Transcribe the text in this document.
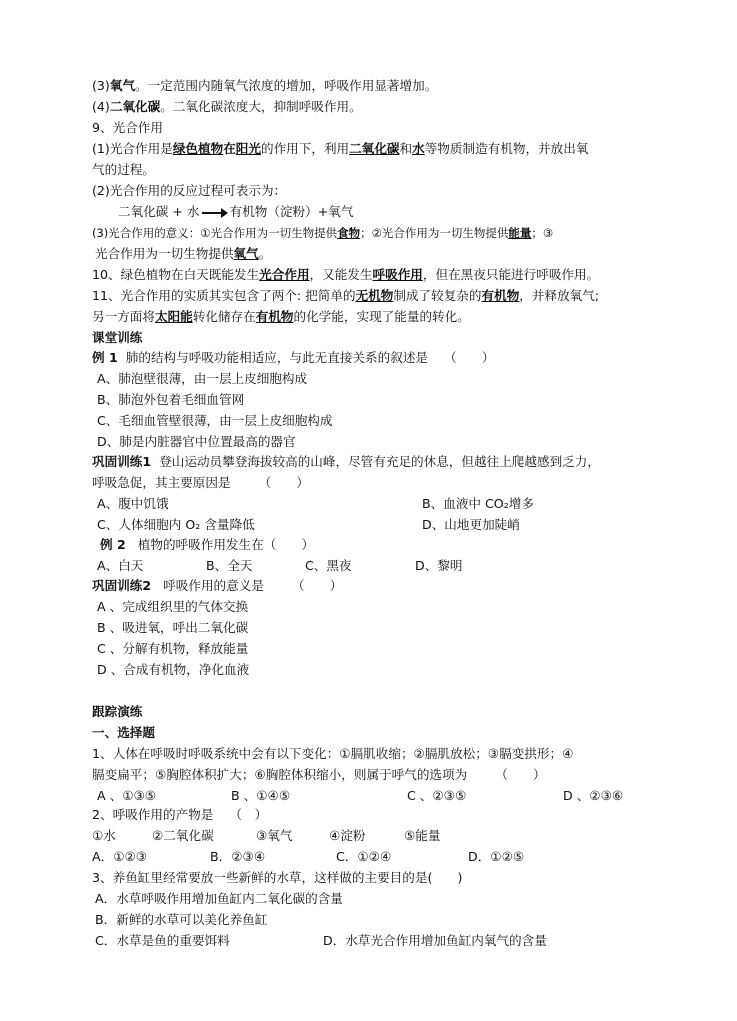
(3)氧气。一定范围内随氧气浓度的增加，呼吸作用显著增加。
(4)二氧化碳。二氧化碳浓度大，抑制呼吸作用。
9、光合作用
(1)光合作用是绿色植物在阳光的作用下，利用二氧化碳和水等物质制造有机物，并放出氧
气的过程。
(2)光合作用的反应过程可表示为：
二氧化碳 + 水 有机物（淀粉）+氧气
(3)光合作用的意义：①光合作用为一切生物提供食物；②光合作用为一切生物提供能量；③
光合作用为一切生物提供氧气。
10、绿色植物在白天既能发生光合作用，又能发生呼吸作用，但在黑夜只能进行呼吸作用。
11、光合作用的实质其实包含了两个: 把简单的无机物制成了较复杂的有机物，并释放氧气;
另一方面将太阳能转化储存在有机物的化学能，实现了能量的转化。
课堂训练
例 1 肺的结构与呼吸功能相适应，与此无直接关系的叙述是 （　　）
A、肺泡壁很薄，由一层上皮细胞构成
B、肺泡外包着毛细血管网
C、毛细血管壁很薄，由一层上皮细胞构成
D、肺是内脏器官中位置最高的器官
巩固训练1 登山运动员攀登海拔较高的山峰，尽管有充足的休息，但越往上爬越感到乏力，
呼吸急促，其主要原因是 （　　）
A、腹中饥饿	B、血液中 CO₂增多
C、人体细胞内 O₂ 含量降低	D、山地更加陡峭
例 2 植物的呼吸作用发生在（　　）
A、白天	B、全天	C、黑夜	D、黎明
巩固训练2 呼吸作用的意义是 （　　）
A 、完成组织里的气体交换
B 、吸进氧，呼出二氧化碳
C 、分解有机物，释放能量
D 、合成有机物，净化血液
跟踪演练
一、选择题
1、人体在呼吸时呼吸系统中会有以下变化：①膈肌收缩；②膈肌放松；③膈变拱形；④
膈变扁平；⑤胸腔体积扩大；⑥胸腔体积缩小，则属于呼气的选项为 （　　）
A 、①③⑤	B 、①④⑤	C 、②③⑤	D 、②③⑥
2、呼吸作用的产物是 （　）
①水	②二氧化碳	③氧气	④淀粉	⑤能量
A．①②③	B．②③④	C．①②④	D．①②⑤
3、养鱼缸里经常要放一些新鲜的水草，这样做的主要目的是(　　)
A．水草呼吸作用增加鱼缸内二氧化碳的含量
B．新鲜的水草可以美化养鱼缸
C．水草是鱼的重要饵料	D．水草光合作用增加鱼缸内氧气的含量
